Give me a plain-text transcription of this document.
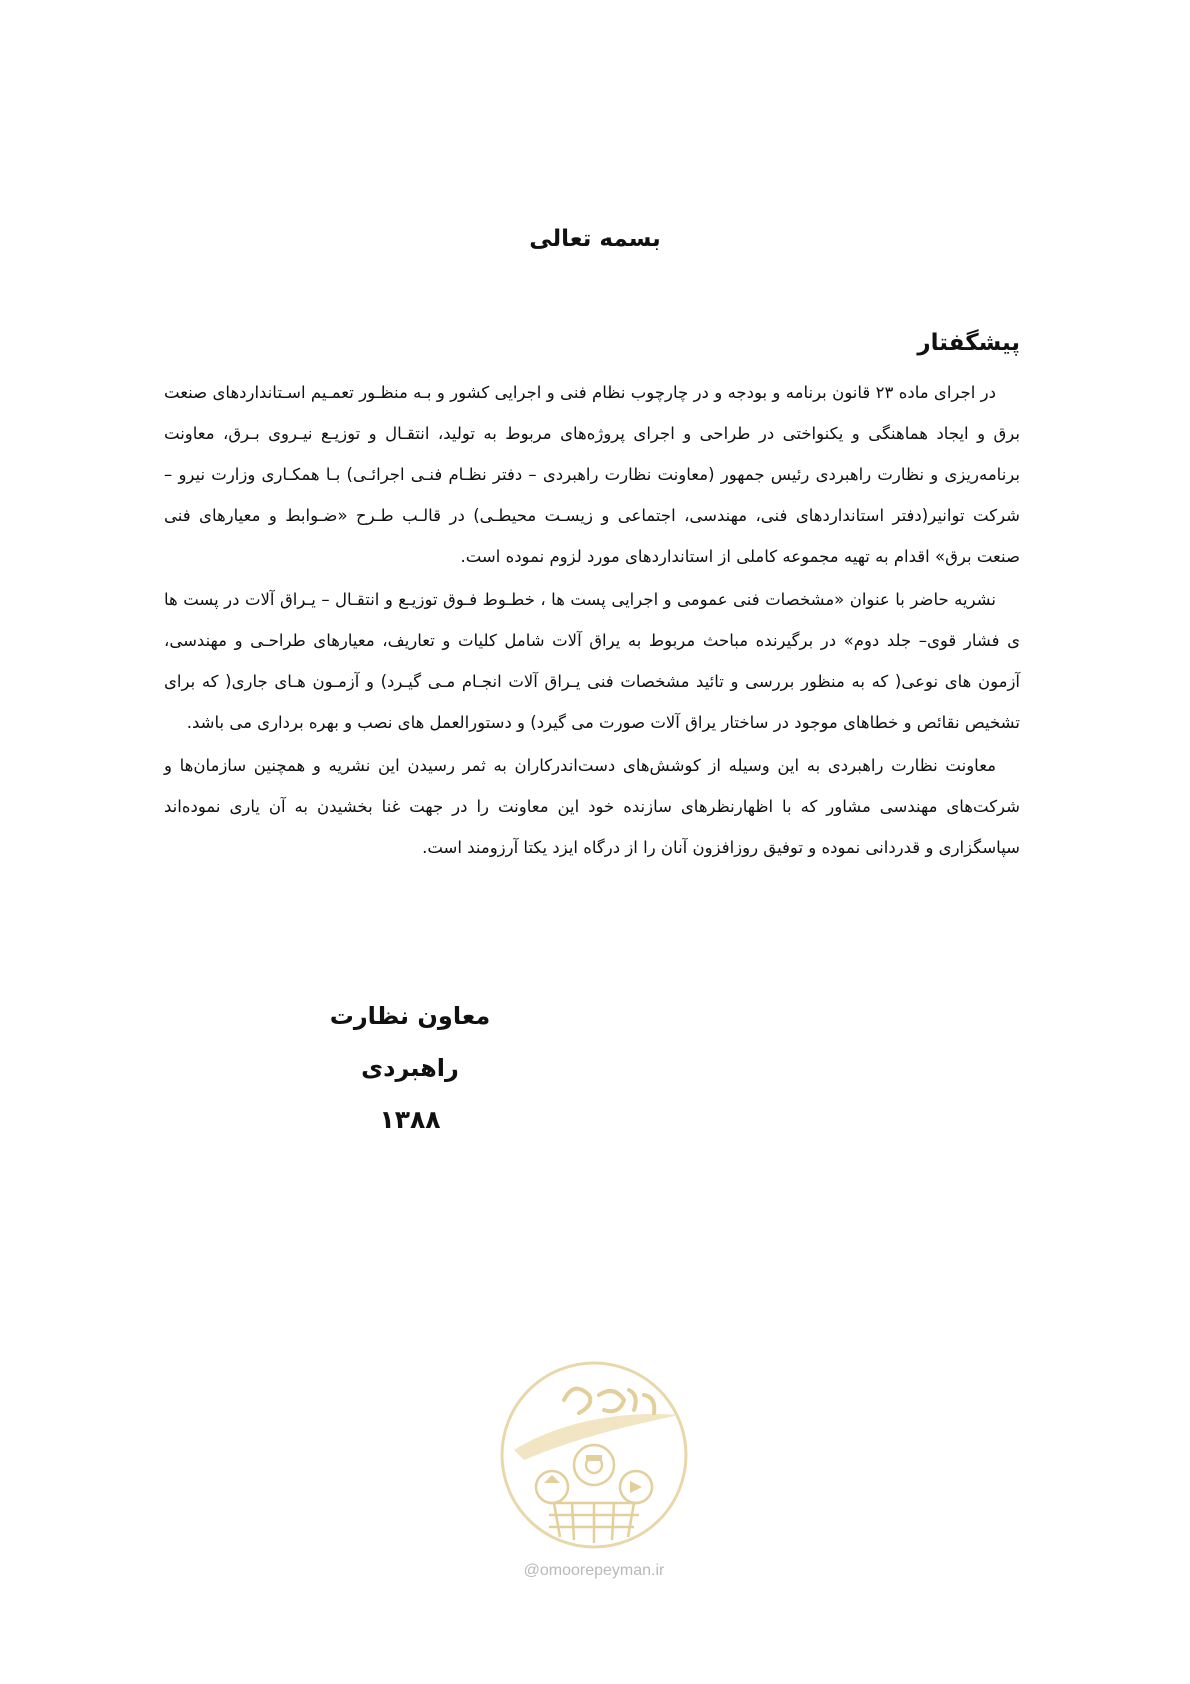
بسمه تعالی
پیشگفتار

در اجرای ماده ۲۳ قانون برنامه و بودجه و در چارچوب نظام فنی و اجرایی کشور و بـه منظـور تعمـیم اسـتانداردهای صنعت برق و ایجاد هماهنگی و یکنواختی در طراحی و اجرای پروژه‌های مربوط به تولید، انتقـال و توزیـع نیـروی بـرق، معاونت برنامه‌ریزی و نظارت راهبردی رئیس جمهور (معاونت نظارت راهبردی – دفتر نظـام فنـی اجرائـی) بـا همکـاری وزارت نیرو – شرکت توانیر(دفتر استانداردهای فنی، مهندسی، اجتماعی و زیسـت محیطـی) در قالـب طـرح «ضـوابط و معیارهای فنی صنعت برق» اقدام به تهیه مجموعه کاملی از استانداردهای مورد لزوم نموده است.

نشریه حاضر با عنوان «مشخصات فنی عمومی و اجرایی پست ها ، خطـوط فـوق توزیـع و انتقـال – یـراق آلات در پست ها ی فشار قوی– جلد دوم» در برگیرنده مباحث مربوط به یراق آلات شامل کلیات و تعاریف، معیارهای طراحـی و مهندسی، آزمون های نوعی( که به منظور بررسی و تائید مشخصات فنی یـراق آلات انجـام مـی گیـرد) و آزمـون هـای جاری( که برای تشخیص نقائص و خطاهای موجود در ساختار یراق آلات صورت می گیرد) و دستورالعمل های نصب و بهره برداری می باشد.

معاونت نظارت راهبردی به این وسیله از کوشش‌های دست‌اندرکاران به ثمر رسیدن این نشریه و همچنین سازمان‌ها و شرکت‌های مهندسی مشاور که با اظهارنظرهای سازنده خود این معاونت را در جهت غنا بخشیدن به آن یاری نموده‌اند سپاسگزاری و قدردانی نموده و توفیق روزافزون آنان را از درگاه ایزد یکتا آرزومند است.

معاون نظارت راهبردی
۱۳۸۸
@omoorepeyman.ir
